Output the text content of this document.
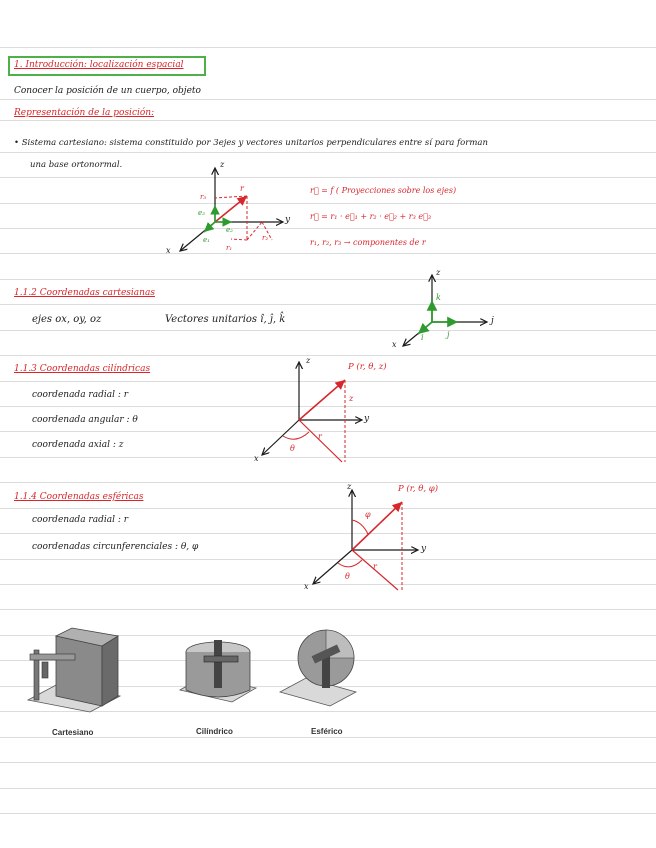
1. Introducción: localización espacial
Conocer la posición de un cuerpo, objeto
Representación de la posición:
• Sistema cartesiano: sistema constituido por 3ejes y vectores unitarios perpendiculares entre sí para forman
una base ortonormal.	z
y
x
r
r₃
r₂
r₁
e₃
e₂
e₁
r⃗ = f ( Proyecciones sobre los ejes)
r⃗ = r₁ · e⃗₁ + r₂ · e⃗₂ + r₃ e⃗₃
r₁, r₂, r₃ → componentes de r
1.1.2 Coordenadas cartesianas
ejes ox, oy, oz	Vectores unitarios î, ĵ, k̂
z
j
x
k
j
i
1.1.3 Coordenadas cilíndricas
coordenada radial : r
coordenada angular : θ
coordenada axial : z
z
y
x
P (r, θ, z)
z
r
θ
1.1.4 Coordenadas esféricas
coordenada radial : r
coordenadas circunferenciales : θ, φ
z
y
x
P (r, θ, φ)
φ
r
θ
Cartesiano	Cilíndrico	Esférico
